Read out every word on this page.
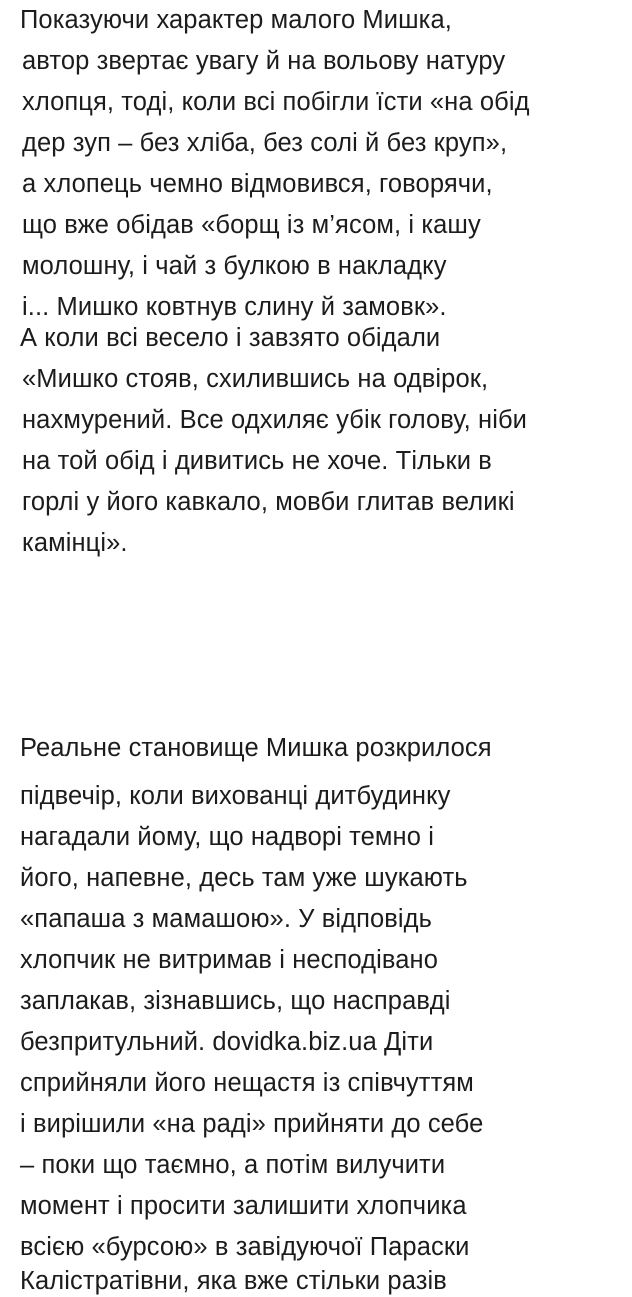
Показуючи характер малого Мишка,
автор звертає увагу й на вольову натуру
хлопця, тоді, коли всі побігли їсти «на обід
дер зуп – без хліба, без солі й без круп»,
а хлопець чемно відмовився, говорячи,
що вже обідав «борщ із м’ясом, і кашу
молошну, і чай з булкою в накладку
і... Мишко ковтнув слину й замовк».
А коли всі весело і завзято обідали
«Мишко стояв, схилившись на одвірок,
нахмурений. Все одхиляє убік голову, ніби
на той обід і дивитись не хоче. Тільки в
горлі у його кавкало, мовби глитав великі
камінці».
Реальне становище Мишка розкрилося
підвечір, коли вихованці дитбудинку
нагадали йому, що надворі темно і
його, напевне, десь там уже шукають
«папаша з мамашою». У відповідь
хлопчик не витримав і несподівано
заплакав, зізнавшись, що насправді
безпритульний. dovidka.biz.ua Діти
сприйняли його нещастя із співчуттям
і вирішили «на раді» прийняти до себе
– поки що таємно, а потім вилучити
момент і просити залишити хлопчика
всією «бурсою» в завідуючої Параски
Калістратівни, яка вже стільки разів
